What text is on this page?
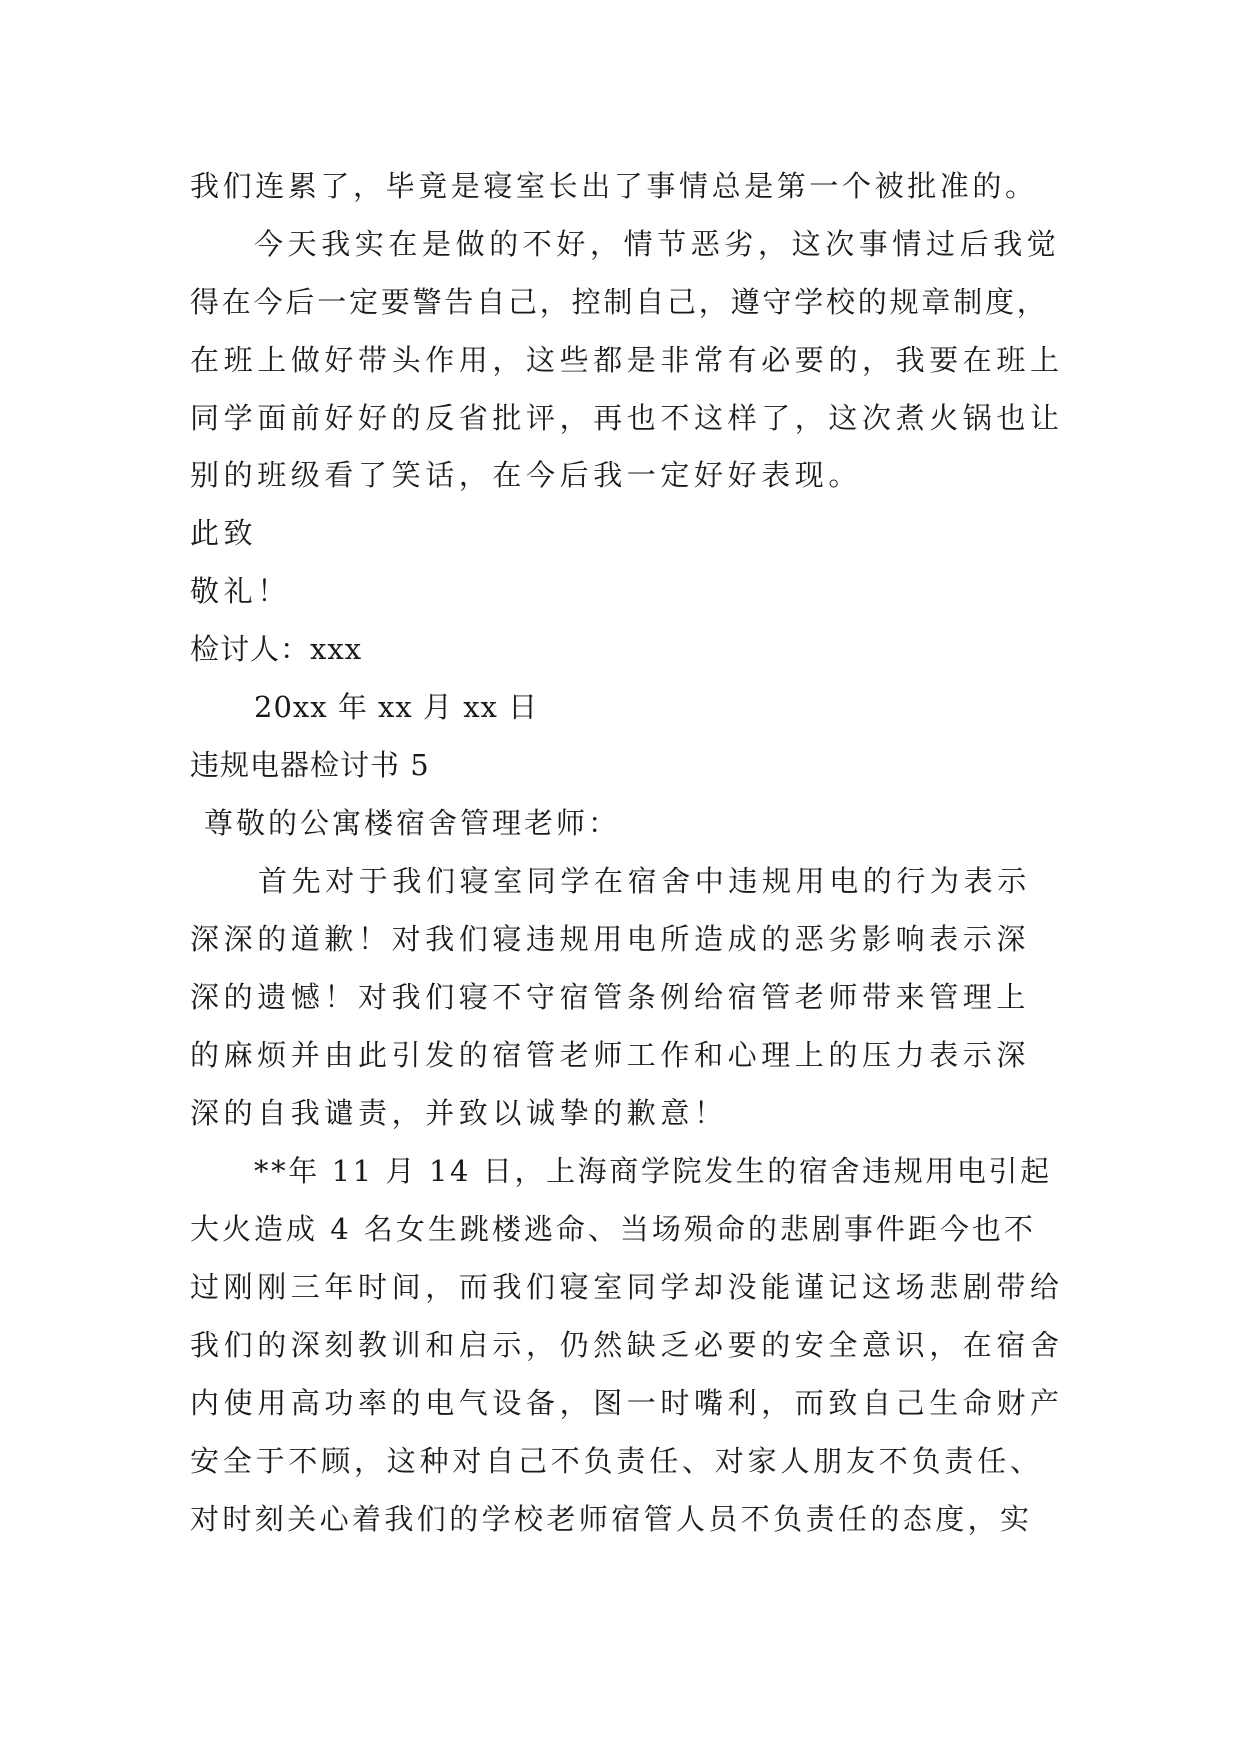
我们连累了，毕竟是寝室长出了事情总是第一个被批准的。
今天我实在是做的不好，情节恶劣，这次事情过后我觉
得在今后一定要警告自己，控制自己，遵守学校的规章制度，
在班上做好带头作用，这些都是非常有必要的，我要在班上
同学面前好好的反省批评，再也不这样了，这次煮火锅也让
别的班级看了笑话，在今后我一定好好表现。
此致
敬礼！
检讨人：xxx
20xx 年 xx 月 xx 日
违规电器检讨书 5
尊敬的公寓楼宿舍管理老师：
首先对于我们寝室同学在宿舍中违规用电的行为表示
深深的道歉！对我们寝违规用电所造成的恶劣影响表示深
深的遗憾！对我们寝不守宿管条例给宿管老师带来管理上
的麻烦并由此引发的宿管老师工作和心理上的压力表示深
深的自我谴责，并致以诚挚的歉意！
**年 11 月 14 日，上海商学院发生的宿舍违规用电引起
大火造成 4 名女生跳楼逃命、当场殒命的悲剧事件距今也不
过刚刚三年时间，而我们寝室同学却没能谨记这场悲剧带给
我们的深刻教训和启示，仍然缺乏必要的安全意识，在宿舍
内使用高功率的电气设备，图一时嘴利，而致自己生命财产
安全于不顾，这种对自己不负责任、对家人朋友不负责任、
对时刻关心着我们的学校老师宿管人员不负责任的态度，实
